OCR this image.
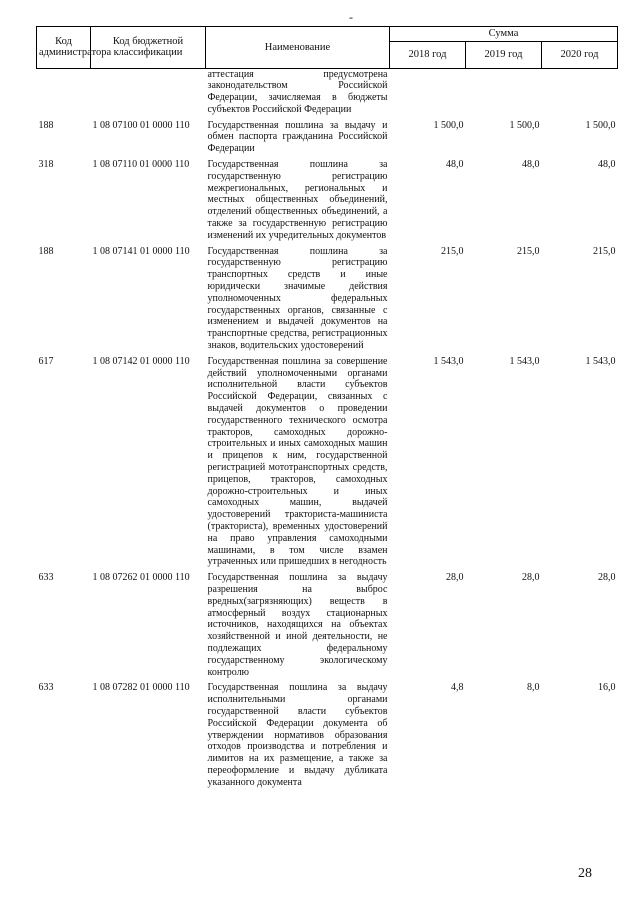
-
Код администратора	Код бюджетной классификации	Наименование	Сумма		
			2018 год	2019 год	2020 год
		аттестация предусмотрена законодательством Российской Федерации, зачисляемая в бюджеты субъектов Российской Федерации			

188	1 08 07100 01 0000 110	Государственная пошлина за выдачу и обмен паспорта гражданина Российской Федерации	1 500,0	1 500,0	1 500,0

318	1 08 07110 01 0000 110	Государственная пошлина за государственную регистрацию межрегиональных, региональных и местных общественных объединений, отделений общественных объединений, а также за государственную регистрацию изменений их учредительных документов	48,0	48,0	48,0

188	1 08 07141 01 0000 110	Государственная пошлина за государственную регистрацию транспортных средств и иные юридически значимые действия уполномоченных федеральных государственных органов, связанные с изменением и выдачей документов на транспортные средства, регистрационных знаков, водительских удостоверений	215,0	215,0	215,0

617	1 08 07142 01 0000 110	Государственная пошлина за совершение действий уполномоченными органами исполнительной власти субъектов Российской Федерации, связанных с выдачей документов о проведении государственного технического осмотра тракторов, самоходных дорожно-строительных и иных самоходных машин и прицепов к ним, государственной регистрацией мототранспортных средств, прицепов, тракторов, самоходных дорожно-строительных и иных самоходных машин, выдачей удостоверений тракториста-машиниста (тракториста), временных удостоверений на право управления самоходными машинами, в том числе взамен утраченных или пришедших в негодность	1 543,0	1 543,0	1 543,0

633	1 08 07262 01 0000 110	Государственная пошлина за выдачу разрешения на выброс вредных(загрязняющих) веществ в атмосферный воздух стационарных источников, находящихся на объектах хозяйственной и иной деятельности, не подлежащих федеральному государственному экологическому контролю	28,0	28,0	28,0

633	1 08 07282 01 0000 110	Государственная пошлина за выдачу исполнительными органами государственной власти субъектов Российской Федерации документа об утверждении нормативов образования отходов производства и потребления и лимитов на их размещение, а также за переоформление и выдачу дубликата указанного документа	4,8	8,0	16,0
28
